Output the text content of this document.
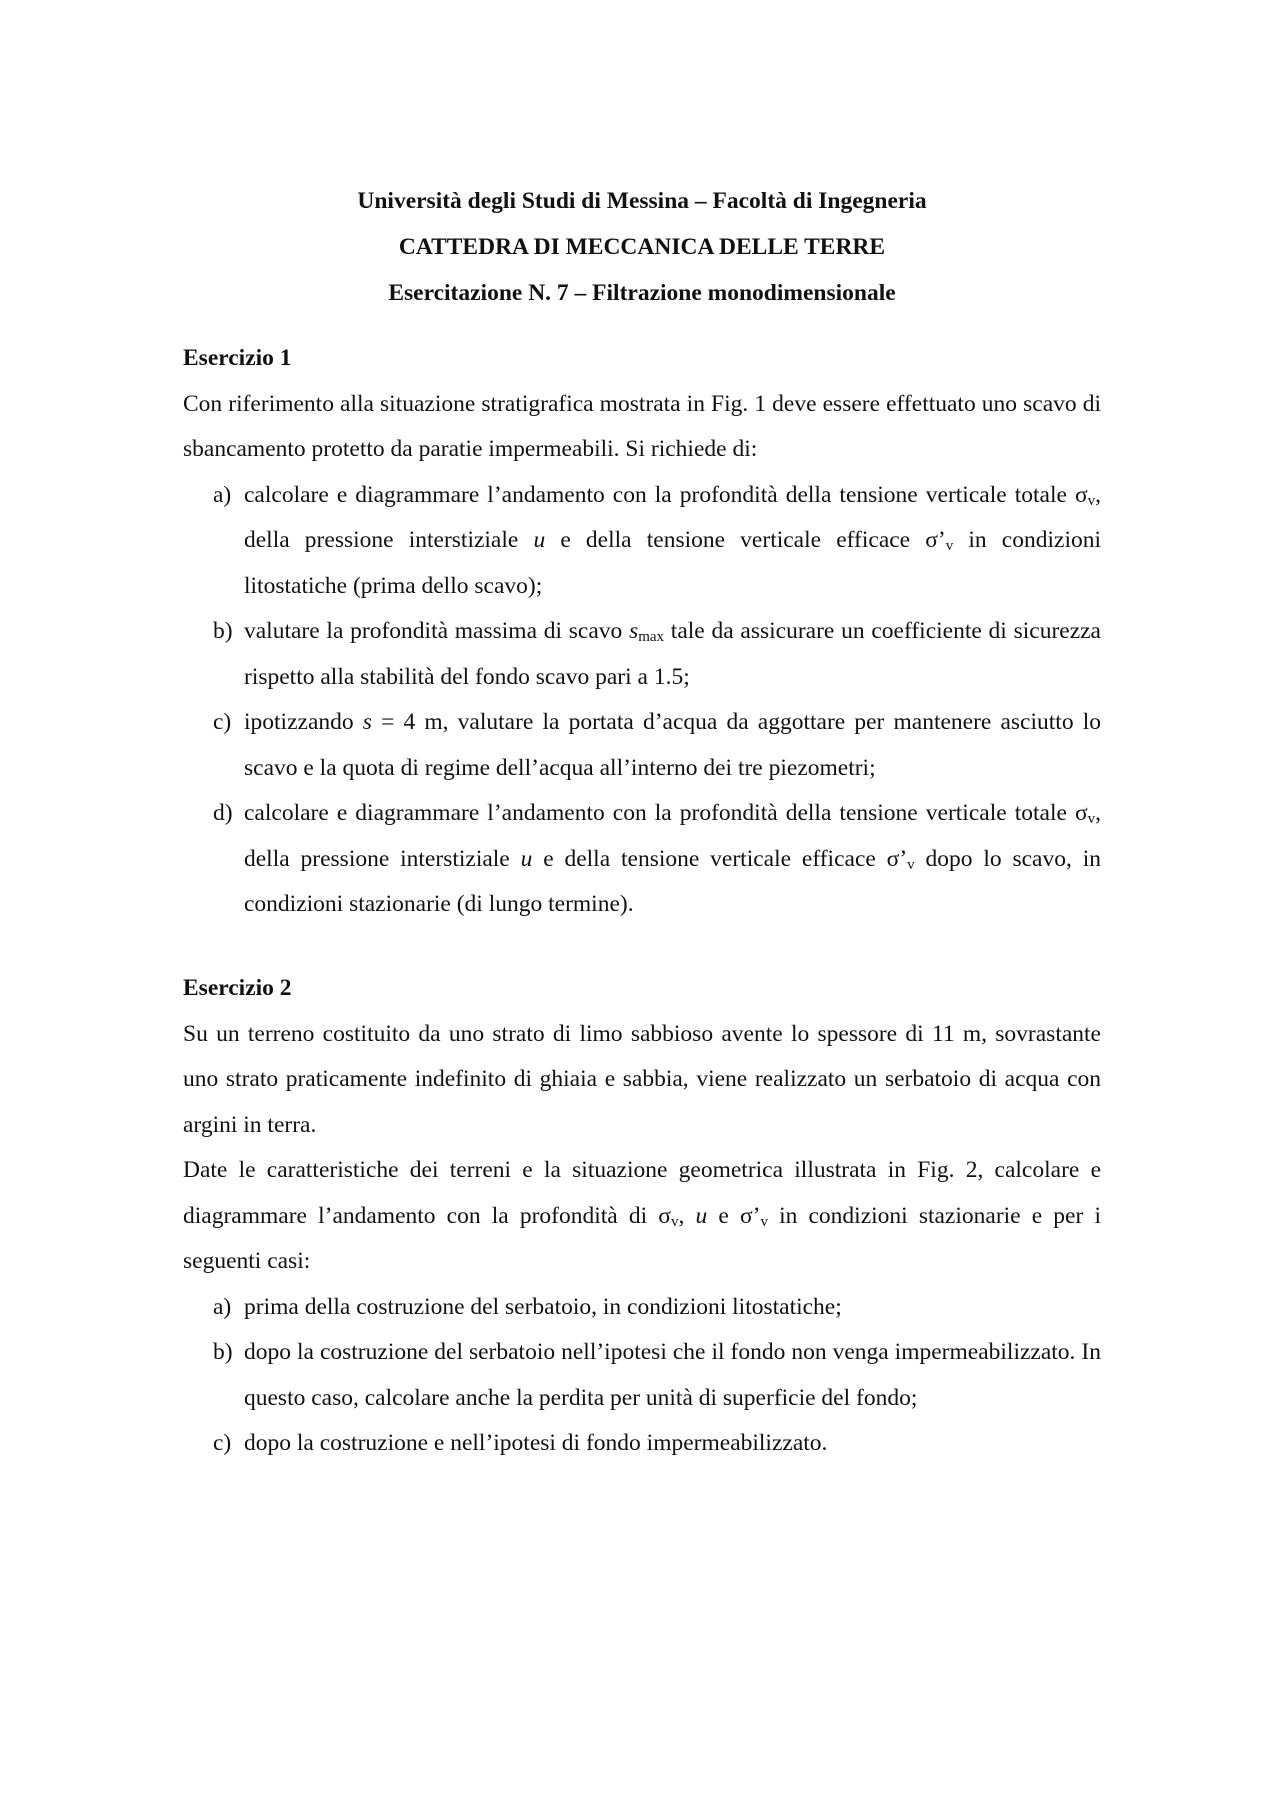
Università degli Studi di Messina – Facoltà di Ingegneria
CATTEDRA DI MECCANICA DELLE TERRE
Esercitazione N. 7 – Filtrazione monodimensionale

Esercizio 1

Con riferimento alla situazione stratigrafica mostrata in Fig. 1 deve essere effettuato uno scavo di sbancamento protetto da paratie impermeabili. Si richiede di:

a) calcolare e diagrammare l’andamento con la profondità della tensione verticale totale $\sigma_v$, della pressione interstiziale u e della tensione verticale efficace $\sigma’_v$ in condizioni litostatiche (prima dello scavo);
b) valutare la profondità massima di scavo $s_{max}$ tale da assicurare un coefficiente di sicurezza rispetto alla stabilità del fondo scavo pari a 1.5;
c) ipotizzando s = 4 m, valutare la portata d’acqua da aggottare per mantenere asciutto lo scavo e la quota di regime dell’acqua all’interno dei tre piezometri;
d) calcolare e diagrammare l’andamento con la profondità della tensione verticale totale $\sigma_v$, della pressione interstiziale u e della tensione verticale efficace $\sigma’_v$ dopo lo scavo, in condizioni stazionarie (di lungo termine).

Esercizio 2

Su un terreno costituito da uno strato di limo sabbioso avente lo spessore di 11 m, sovrastante uno strato praticamente indefinito di ghiaia e sabbia, viene realizzato un serbatoio di acqua con argini in terra.

Date le caratteristiche dei terreni e la situazione geometrica illustrata in Fig. 2, calcolare e diagrammare l’andamento con la profondità di $\sigma_v$, u e $\sigma’_v$ in condizioni stazionarie e per i seguenti casi:

a) prima della costruzione del serbatoio, in condizioni litostatiche;
b) dopo la costruzione del serbatoio nell’ipotesi che il fondo non venga impermeabilizzato. In questo caso, calcolare anche la perdita per unità di superficie del fondo;
c) dopo la costruzione e nell’ipotesi di fondo impermeabilizzato.
